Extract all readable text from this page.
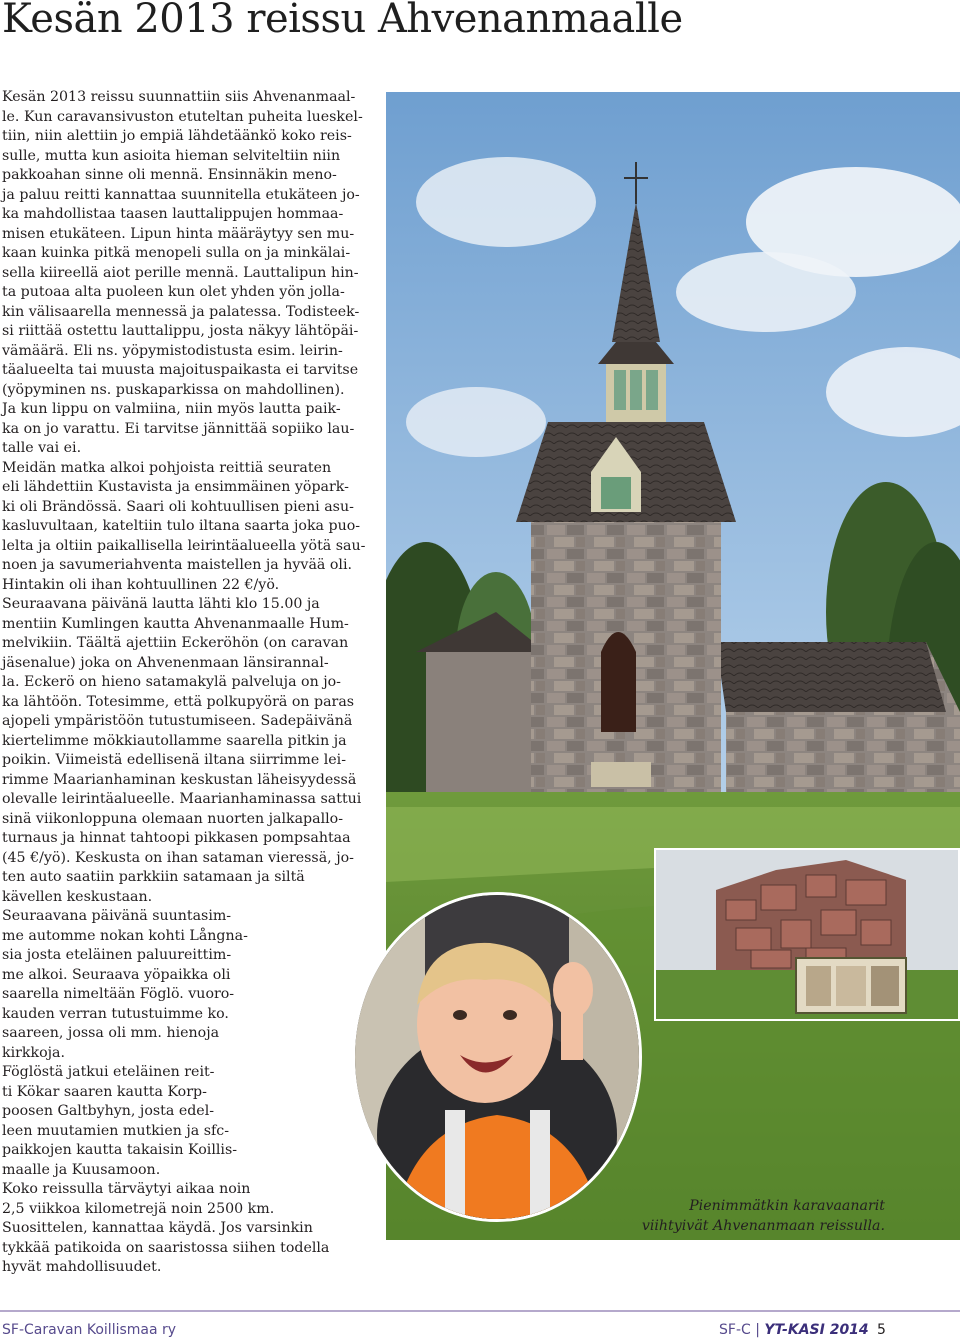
Kesän 2013 reissu Ahvenanmaalle
Kesän 2013 reissu suunnattiin siis Ahvenanmaal-
le. Kun caravansivuston etuteltan puheita lueskel-
tiin, niin alettiin jo empiä lähdetäänkö koko reis-
sulle, mutta kun asioita hieman selviteltiin niin
pakkoahan sinne oli mennä. Ensinnäkin meno-
ja paluu reitti kannattaa suunnitella etukäteen jo-
ka mahdollistaa taasen lauttalippujen hommaa-
misen etukäteen. Lipun hinta määräytyy sen mu-
kaan kuinka pitkä menopeli sulla on ja minkälai-
sella kiireellä aiot perille mennä. Lauttalipun hin-
ta putoaa alta puoleen kun olet yhden yön jolla-
kin välisaarella mennessä ja palatessa. Todisteek-
si riittää ostettu lauttalippu, josta näkyy lähtöpäi-
vämäärä. Eli ns. yöpymistodistusta esim. leirin-
täalueelta tai muusta majoituspaikasta ei tarvitse
(yöpyminen ns. puskaparkissa on mahdollinen).
Ja kun lippu on valmiina, niin myös lautta paik-
ka on jo varattu. Ei tarvitse jännittää sopiiko lau-
talle vai ei.
Meidän matka alkoi pohjoista reittiä seuraten
eli lähdettiin Kustavista ja ensimmäinen yöpark-
ki oli Brändössä. Saari oli kohtuullisen pieni asu-
kasluvultaan, kateltiin tulo iltana saarta joka puo-
lelta ja oltiin paikallisella leirintäalueella yötä sau-
noen ja savumeriahventa maistellen ja hyvää oli.
Hintakin oli ihan kohtuullinen 22 €/yö.
Seuraavana päivänä lautta lähti klo 15.00 ja
mentiin Kumlingen kautta Ahvenanmaalle Hum-
melvikiin. Täältä ajettiin Eckeröhön (on caravan
jäsenalue) joka on Ahvenenmaan länsirannal-
la. Eckerö on hieno satamakylä palveluja on jo-
ka lähtöön. Totesimme, että polkupyörä on paras
ajopeli ympäristöön tutustumiseen. Sadepäivänä
kiertelimme mökkiautollamme saarella pitkin ja
poikin. Viimeistä edellisenä iltana siirrimme lei-
rimme Maarianhaminan keskustan läheisyydessä
olevalle leirintäalueelle. Maarianhaminassa sattui
sinä viikonloppuna olemaan nuorten jalkapallo-
turnaus ja hinnat tahtoopi pikkasen pompsahtaa
(45 €/yö). Keskusta on ihan sataman vieressä, jo-
ten auto saatiin parkkiin satamaan ja siltä
kävellen keskustaan.
Seuraavana päivänä suuntasim-
me automme nokan kohti Långna-
sia josta eteläinen paluureittim-
me alkoi. Seuraava yöpaikka oli
saarella nimeltään Föglö. vuoro-
kauden verran tutustuimme ko.
saareen, jossa oli mm. hienoja
kirkkoja.
Föglöstä jatkui eteläinen reit-
ti Kökar saaren kautta Korp-
poosen Galtbyhyn, josta edel-
leen muutamien mutkien ja sfc-
paikkojen kautta takaisin Koillis-
maalle ja Kuusamoon.
Koko reissulla tärväytyi aikaa noin
2,5 viikkoa kilometrejä noin 2500 km.
Suosittelen, kannattaa käydä. Jos varsinkin
tykkää patikoida on saaristossa siihen todella
hyvät mahdollisuudet.
Pienimmätkin karavaanarit
viihtyivät Ahvenanmaan reissulla.
SF-Caravan Koillismaa ry	SF-C | YT-KASI 2014 5
